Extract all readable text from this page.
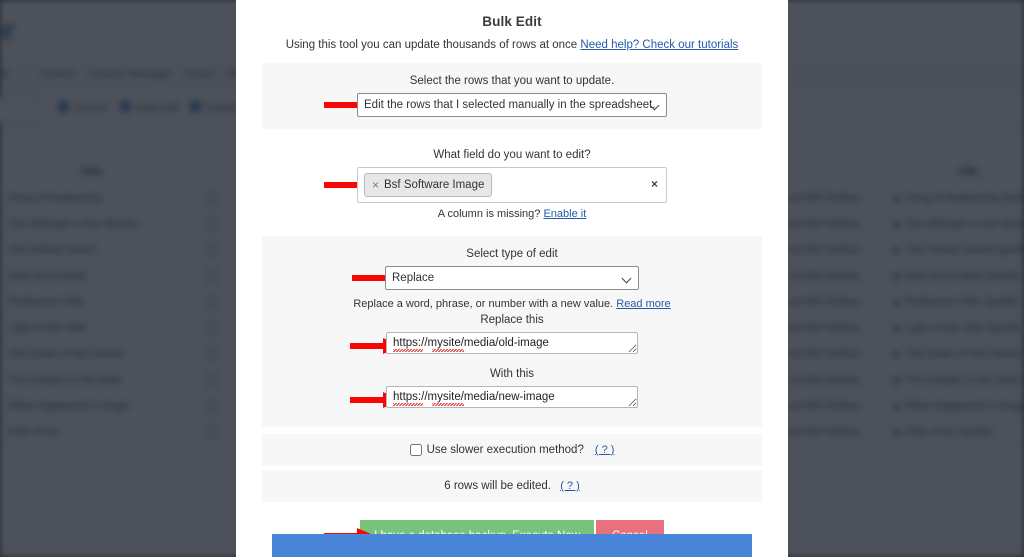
Bulk Edit
Using this tool you can update thousands of rows at once Need help? Check our tutorials
Select the rows that you want to update.
Edit the rows that I selected manually in the spreadsheet.
What field do you want to edit?
× Bsf Software Image	×
A column is missing? Enable it
Select type of edit
Replace
Replace a word, phrase, or number with a new value. Read more
Replace this
https://mysite/media/old-image
With this
https://mysite/media/new-image
Use slower execution method? ( ? )
6 rows will be edited. ( ? )
